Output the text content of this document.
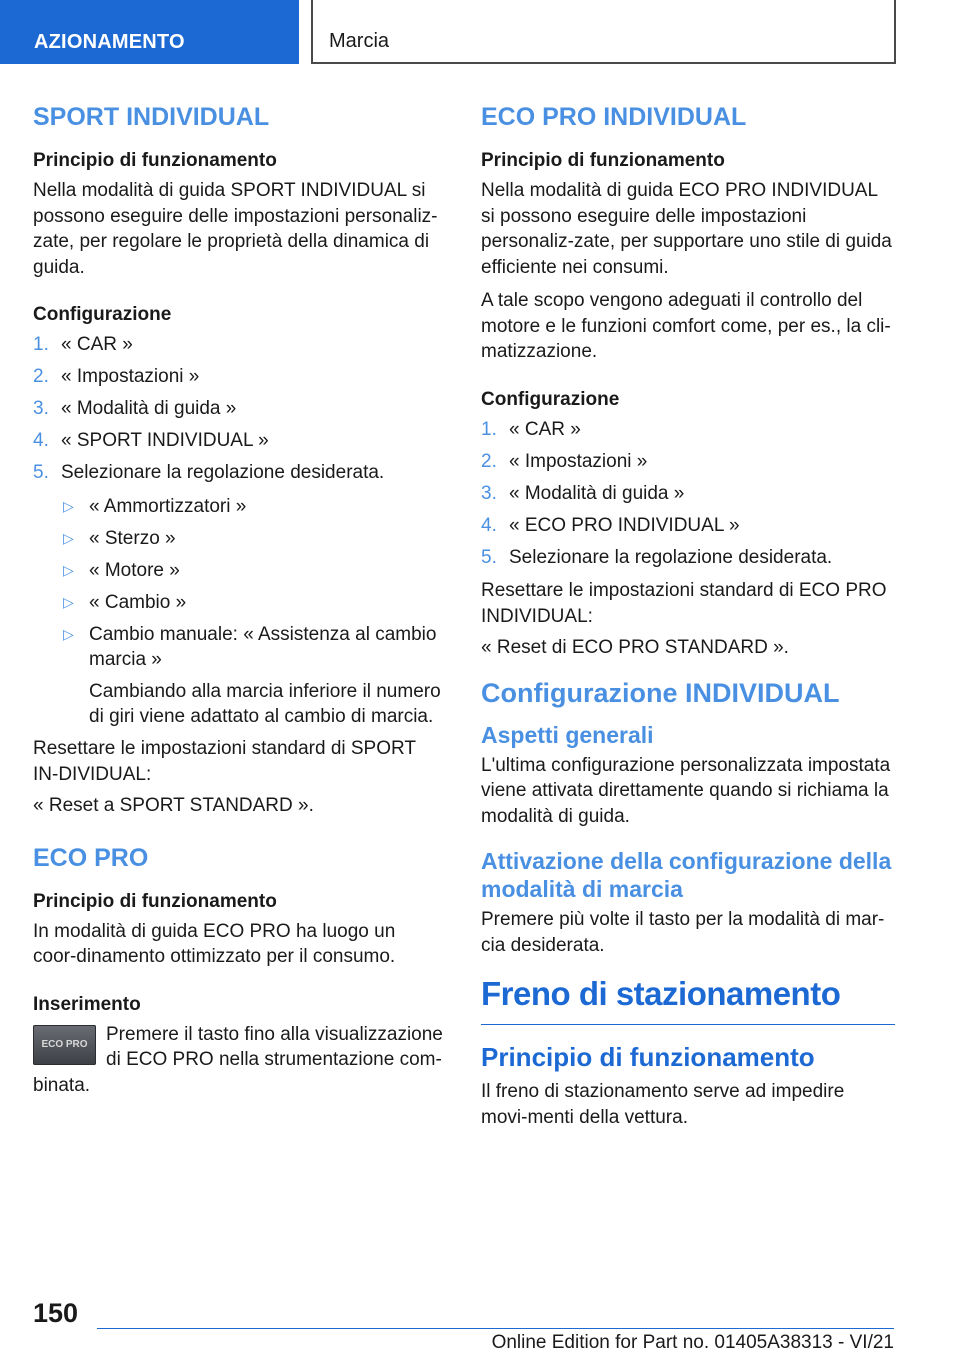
AZIONAMENTO	Marcia
SPORT INDIVIDUAL
Principio di funzionamento
Nella modalità di guida SPORT INDIVIDUAL si possono eseguire delle impostazioni personaliz-zate, per regolare le proprietà della dinamica di guida.
Configurazione
1. « CAR »
2. « Impostazioni »
3. « Modalità di guida »
4. « SPORT INDIVIDUAL »
5. Selezionare la regolazione desiderata.
▷ « Ammortizzatori »
▷ « Sterzo »
▷ « Motore »
▷ « Cambio »
▷ Cambio manuale: « Assistenza al cambio marcia »
Cambiando alla marcia inferiore il numero di giri viene adattato al cambio di marcia.
Resettare le impostazioni standard di SPORT IN-DIVIDUAL:
« Reset a SPORT STANDARD ».
ECO PRO
Principio di funzionamento
In modalità di guida ECO PRO ha luogo un coor-dinamento ottimizzato per il consumo.
Inserimento
ECO PRO Premere il tasto fino alla visualizzazione di ECO PRO nella strumentazione com-binata.
ECO PRO INDIVIDUAL
Principio di funzionamento
Nella modalità di guida ECO PRO INDIVIDUAL si possono eseguire delle impostazioni personaliz-zate, per supportare uno stile di guida efficiente nei consumi.
A tale scopo vengono adeguati il controllo del motore e le funzioni comfort come, per es., la cli-matizzazione.
Configurazione
1. « CAR »
2. « Impostazioni »
3. « Modalità di guida »
4. « ECO PRO INDIVIDUAL »
5. Selezionare la regolazione desiderata.
Resettare le impostazioni standard di ECO PRO INDIVIDUAL:
« Reset di ECO PRO STANDARD ».
Configurazione INDIVIDUAL
Aspetti generali
L'ultima configurazione personalizzata impostata viene attivata direttamente quando si richiama la modalità di guida.
Attivazione della configurazione della modalità di marcia
Premere più volte il tasto per la modalità di mar-cia desiderata.
Freno di stazionamento
Principio di funzionamento
Il freno di stazionamento serve ad impedire movi-menti della vettura.
150
Online Edition for Part no. 01405A38313 - VI/21
